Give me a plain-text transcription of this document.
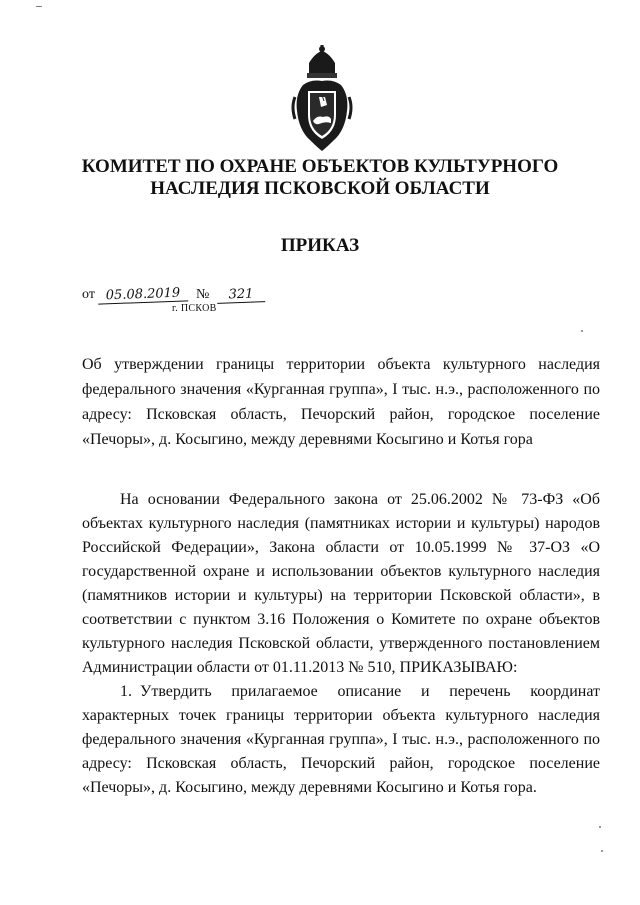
КОМИТЕТ ПО ОХРАНЕ ОБЪЕКТОВ КУЛЬТУРНОГО
НАСЛЕДИЯ ПСКОВСКОЙ ОБЛАСТИ
ПРИКАЗ
от 05.08.2019 № 321
г. ПСКОВ

Об утверждении границы территории объекта культурного наследия федерального значения «Курганная группа», I тыс. н.э., расположенного по адресу: Псковская область, Печорский район, городское поселение «Печоры», д. Косыгино, между деревнями Косыгино и Котья гора

На основании Федерального закона от 25.06.2002 № 73-ФЗ «Об объектах культурного наследия (памятниках истории и культуры) народов Российской Федерации», Закона области от 10.05.1999 № 37-ОЗ «О государственной охране и использовании объектов культурного наследия (памятников истории и культуры) на территории Псковской области», в соответствии с пунктом 3.16 Положения о Комитете по охране объектов культурного наследия Псковской области, утвержденного постановлением Администрации области от 01.11.2013 № 510, ПРИКАЗЫВАЮ:

1. Утвердить прилагаемое описание и перечень координат характерных точек границы территории объекта культурного наследия федерального значения «Курганная группа», I тыс. н.э., расположенного по адресу: Псковская область, Печорский район, городское поселение «Печоры», д. Косыгино, между деревнями Косыгино и Котья гора.
